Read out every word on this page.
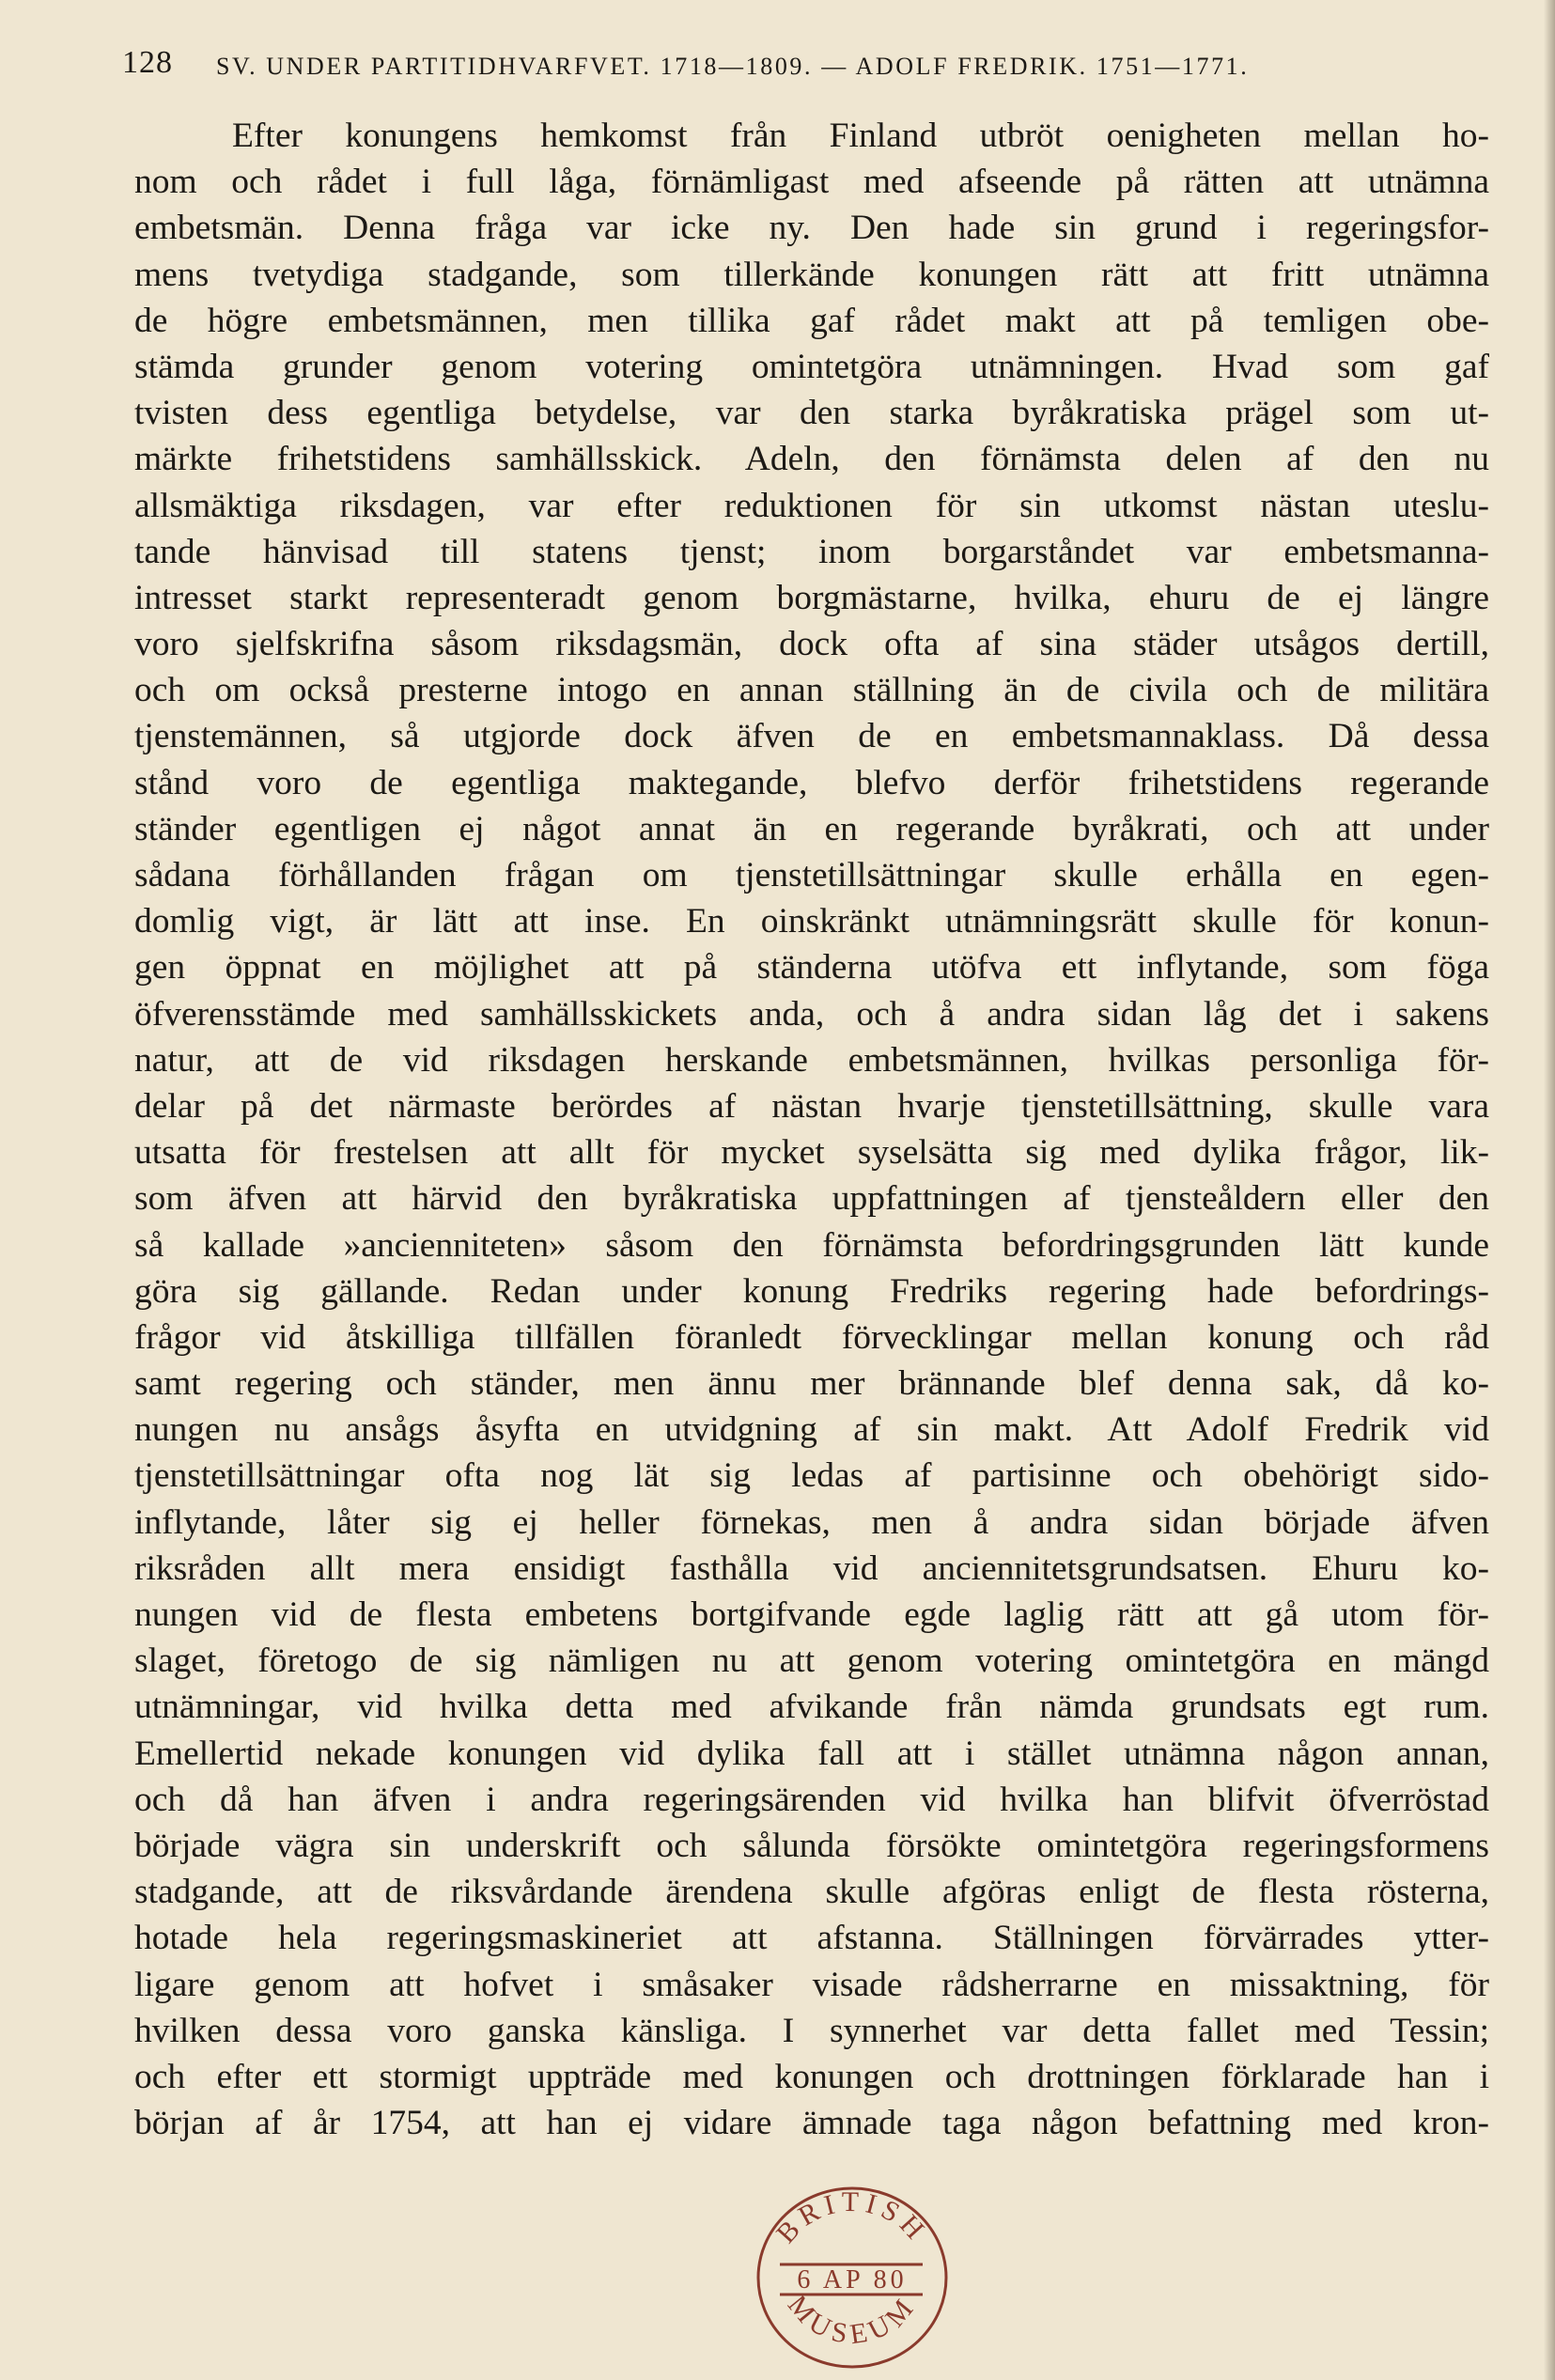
128 SV. UNDER PARTITIDHVARFVET. 1718—1809. — ADOLF FREDRIK. 1751—1771.
Efter konungens hemkomst från Finland utbröt oenigheten mellan ho-
nom och rådet i full låga, förnämligast med afseende på rätten att utnämna
embetsmän. Denna fråga var icke ny. Den hade sin grund i regeringsfor-
mens tvetydiga stadgande, som tillerkände konungen rätt att fritt utnämna
de högre embetsmännen, men tillika gaf rådet makt att på temligen obe-
stämda grunder genom votering omintetgöra utnämningen. Hvad som gaf
tvisten dess egentliga betydelse, var den starka byråkratiska prägel som ut-
märkte frihetstidens samhällsskick. Adeln, den förnämsta delen af den nu
allsmäktiga riksdagen, var efter reduktionen för sin utkomst nästan uteslu-
tande hänvisad till statens tjenst; inom borgarståndet var embetsmanna-
intresset starkt representeradt genom borgmästarne, hvilka, ehuru de ej längre
voro sjelfskrifna såsom riksdagsmän, dock ofta af sina städer utsågos dertill,
och om också presterne intogo en annan ställning än de civila och de militära
tjenstemännen, så utgjorde dock äfven de en embetsmannaklass. Då dessa
stånd voro de egentliga maktegande, blefvo derför frihetstidens regerande
ständer egentligen ej något annat än en regerande byråkrati, och att under
sådana förhållanden frågan om tjenstetillsättningar skulle erhålla en egen-
domlig vigt, är lätt att inse. En oinskränkt utnämningsrätt skulle för konun-
gen öppnat en möjlighet att på ständerna utöfva ett inflytande, som föga
öfverensstämde med samhällsskickets anda, och å andra sidan låg det i sakens
natur, att de vid riksdagen herskande embetsmännen, hvilkas personliga för-
delar på det närmaste berördes af nästan hvarje tjenstetillsättning, skulle vara
utsatta för frestelsen att allt för mycket syselsätta sig med dylika frågor, lik-
som äfven att härvid den byråkratiska uppfattningen af tjensteåldern eller den
så kallade »ancienniteten» såsom den förnämsta befordringsgrunden lätt kunde
göra sig gällande. Redan under konung Fredriks regering hade befordrings-
frågor vid åtskilliga tillfällen föranledt förvecklingar mellan konung och råd
samt regering och ständer, men ännu mer brännande blef denna sak, då ko-
nungen nu ansågs åsyfta en utvidgning af sin makt. Att Adolf Fredrik vid
tjenstetillsättningar ofta nog lät sig ledas af partisinne och obehörigt sido-
inflytande, låter sig ej heller förnekas, men å andra sidan började äfven
riksråden allt mera ensidigt fasthålla vid anciennitetsgrundsatsen. Ehuru ko-
nungen vid de flesta embetens bortgifvande egde laglig rätt att gå utom för-
slaget, företogo de sig nämligen nu att genom votering omintetgöra en mängd
utnämningar, vid hvilka detta med afvikande från nämda grundsats egt rum.
Emellertid nekade konungen vid dylika fall att i stället utnämna någon annan,
och då han äfven i andra regeringsärenden vid hvilka han blifvit öfverröstad
började vägra sin underskrift och sålunda försökte omintetgöra regeringsformens
stadgande, att de riksvårdande ärendena skulle afgöras enligt de flesta rösterna,
hotade hela regeringsmaskineriet att afstanna. Ställningen förvärrades ytter-
ligare genom att hofvet i småsaker visade rådsherrarne en missaktning, för
hvilken dessa voro ganska känsliga. I synnerhet var detta fallet med Tessin;
och efter ett stormigt uppträde med konungen och drottningen förklarade han i
början af år 1754, att han ej vidare ämnade taga någon befattning med kron-
BRITISH
6 AP 80
MUSEUM
